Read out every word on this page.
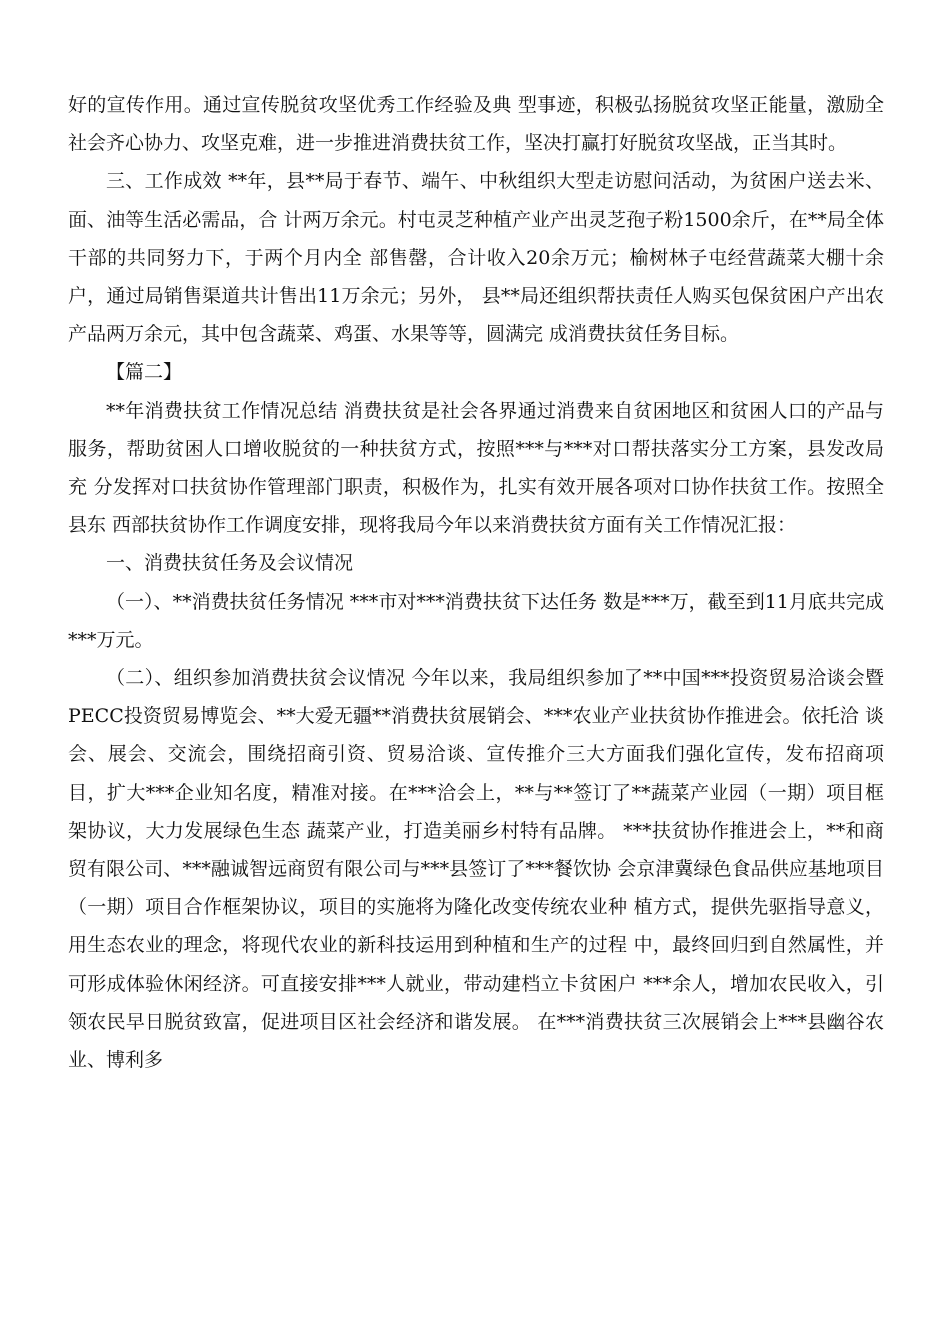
好的宣传作用。通过宣传脱贫攻坚优秀工作经验及典 型事迹，积极弘扬脱贫攻坚正能量，激励全社会齐心协力、攻坚克难，进一步推进消费扶贫工作，坚决打赢打好脱贫攻坚战，正当其时。

三、工作成效 **年，县**局于春节、端午、中秋组织大型走访慰问活动，为贫困户送去米、面、油等生活必需品，合 计两万余元。村屯灵芝种植产业产出灵芝孢子粉1500余斤，在**局全体干部的共同努力下，于两个月内全 部售罄，合计收入20余万元；榆树林子屯经营蔬菜大棚十余户，通过局销售渠道共计售出11万余元；另外， 县**局还组织帮扶责任人购买包保贫困户产出农产品两万余元，其中包含蔬菜、鸡蛋、水果等等，圆满完 成消费扶贫任务目标。

【篇二】

**年消费扶贫工作情况总结 消费扶贫是社会各界通过消费来自贫困地区和贫困人口的产品与 服务，帮助贫困人口增收脱贫的一种扶贫方式，按照***与***对口帮扶落实分工方案，县发改局充 分发挥对口扶贫协作管理部门职责，积极作为，扎实有效开展各项对口协作扶贫工作。按照全县东 西部扶贫协作工作调度安排，现将我局今年以来消费扶贫方面有关工作情况汇报：

一、消费扶贫任务及会议情况

（一）、**消费扶贫任务情况 ***市对***消费扶贫下达任务 数是***万，截至到11月底共完成***万元。

（二）、组织参加消费扶贫会议情况 今年以来，我局组织参加了**中国***投资贸易洽谈会暨 PECC投资贸易博览会、**大爱无疆**消费扶贫展销会、***农业产业扶贫协作推进会。依托洽 谈会、展会、交流会，围绕招商引资、贸易洽谈、宣传推介三大方面我们强化宣传，发布招商项 目，扩大***企业知名度，精准对接。在***洽会上，**与**签订了**蔬菜产业园（一期）项目框架协议，大力发展绿色生态 蔬菜产业，打造美丽乡村特有品牌。 ***扶贫协作推进会上，**和商贸有限公司、***融诚智远商贸有限公司与***县签订了***餐饮协 会京津冀绿色食品供应基地项目（一期）项目合作框架协议，项目的实施将为隆化改变传统农业种 植方式，提供先驱指导意义，用生态农业的理念，将现代农业的新科技运用到种植和生产的过程 中，最终回归到自然属性，并可形成体验休闲经济。可直接安排***人就业，带动建档立卡贫困户 ***余人，增加农民收入，引领农民早日脱贫致富，促进项目区社会经济和谐发展。 在***消费扶贫三次展销会上***县幽谷农业、博利多
